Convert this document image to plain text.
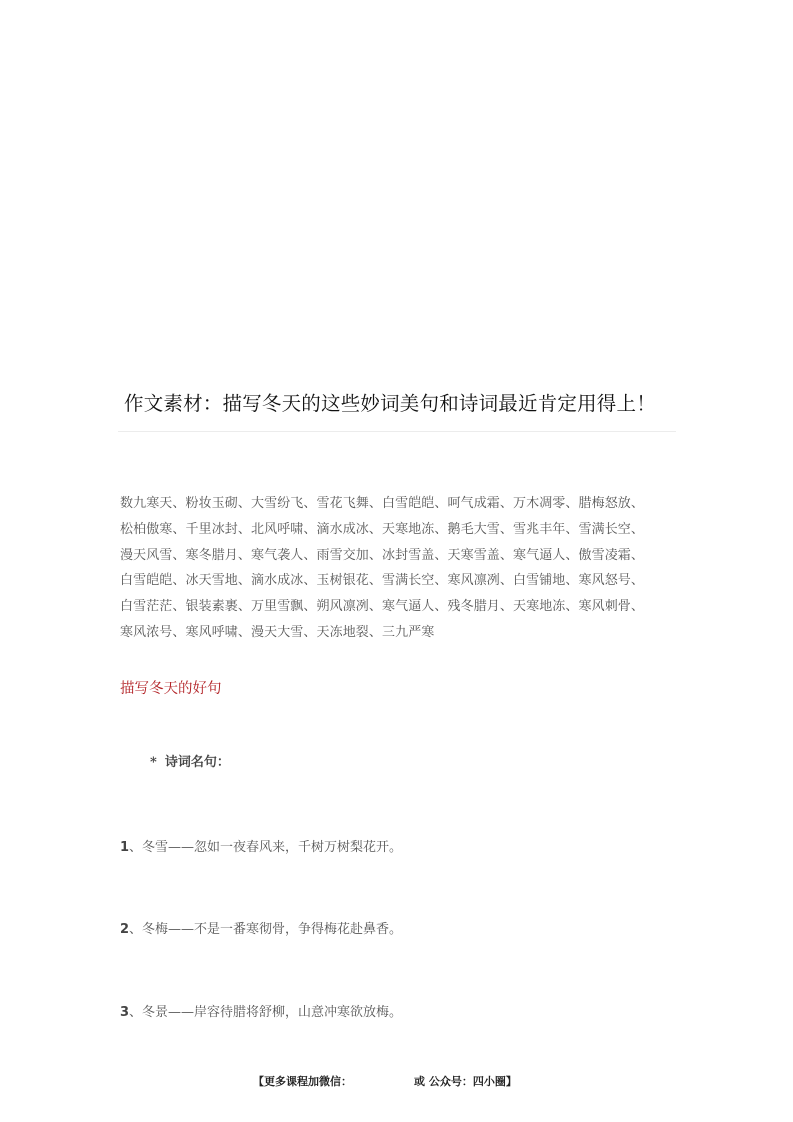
作文素材：描写冬天的这些妙词美句和诗词最近肯定用得上！
数九寒天、粉妆玉砌、大雪纷飞、雪花飞舞、白雪皑皑、呵气成霜、万木凋零、腊梅怒放、
松柏傲寒、千里冰封、北风呼啸、滴水成冰、天寒地冻、鹅毛大雪、雪兆丰年、雪满长空、
漫天风雪、寒冬腊月、寒气袭人、雨雪交加、冰封雪盖、天寒雪盖、寒气逼人、傲雪凌霜、
白雪皑皑、冰天雪地、滴水成冰、玉树银花、雪满长空、寒风凛冽、白雪铺地、寒风怒号、
白雪茫茫、银装素裹、万里雪飘、朔风凛冽、寒气逼人、残冬腊月、天寒地冻、寒风刺骨、
寒风浓号、寒风呼啸、漫天大雪、天冻地裂、三九严寒
描写冬天的好句
* 诗词名句：
1、冬雪——忽如一夜春风来，千树万树梨花开。
2、冬梅——不是一番寒彻骨，争得梅花赴鼻香。
3、冬景——岸容待腊将舒柳，山意冲寒欲放梅。
【更多课程加微信：	或 公众号：四小圈】
